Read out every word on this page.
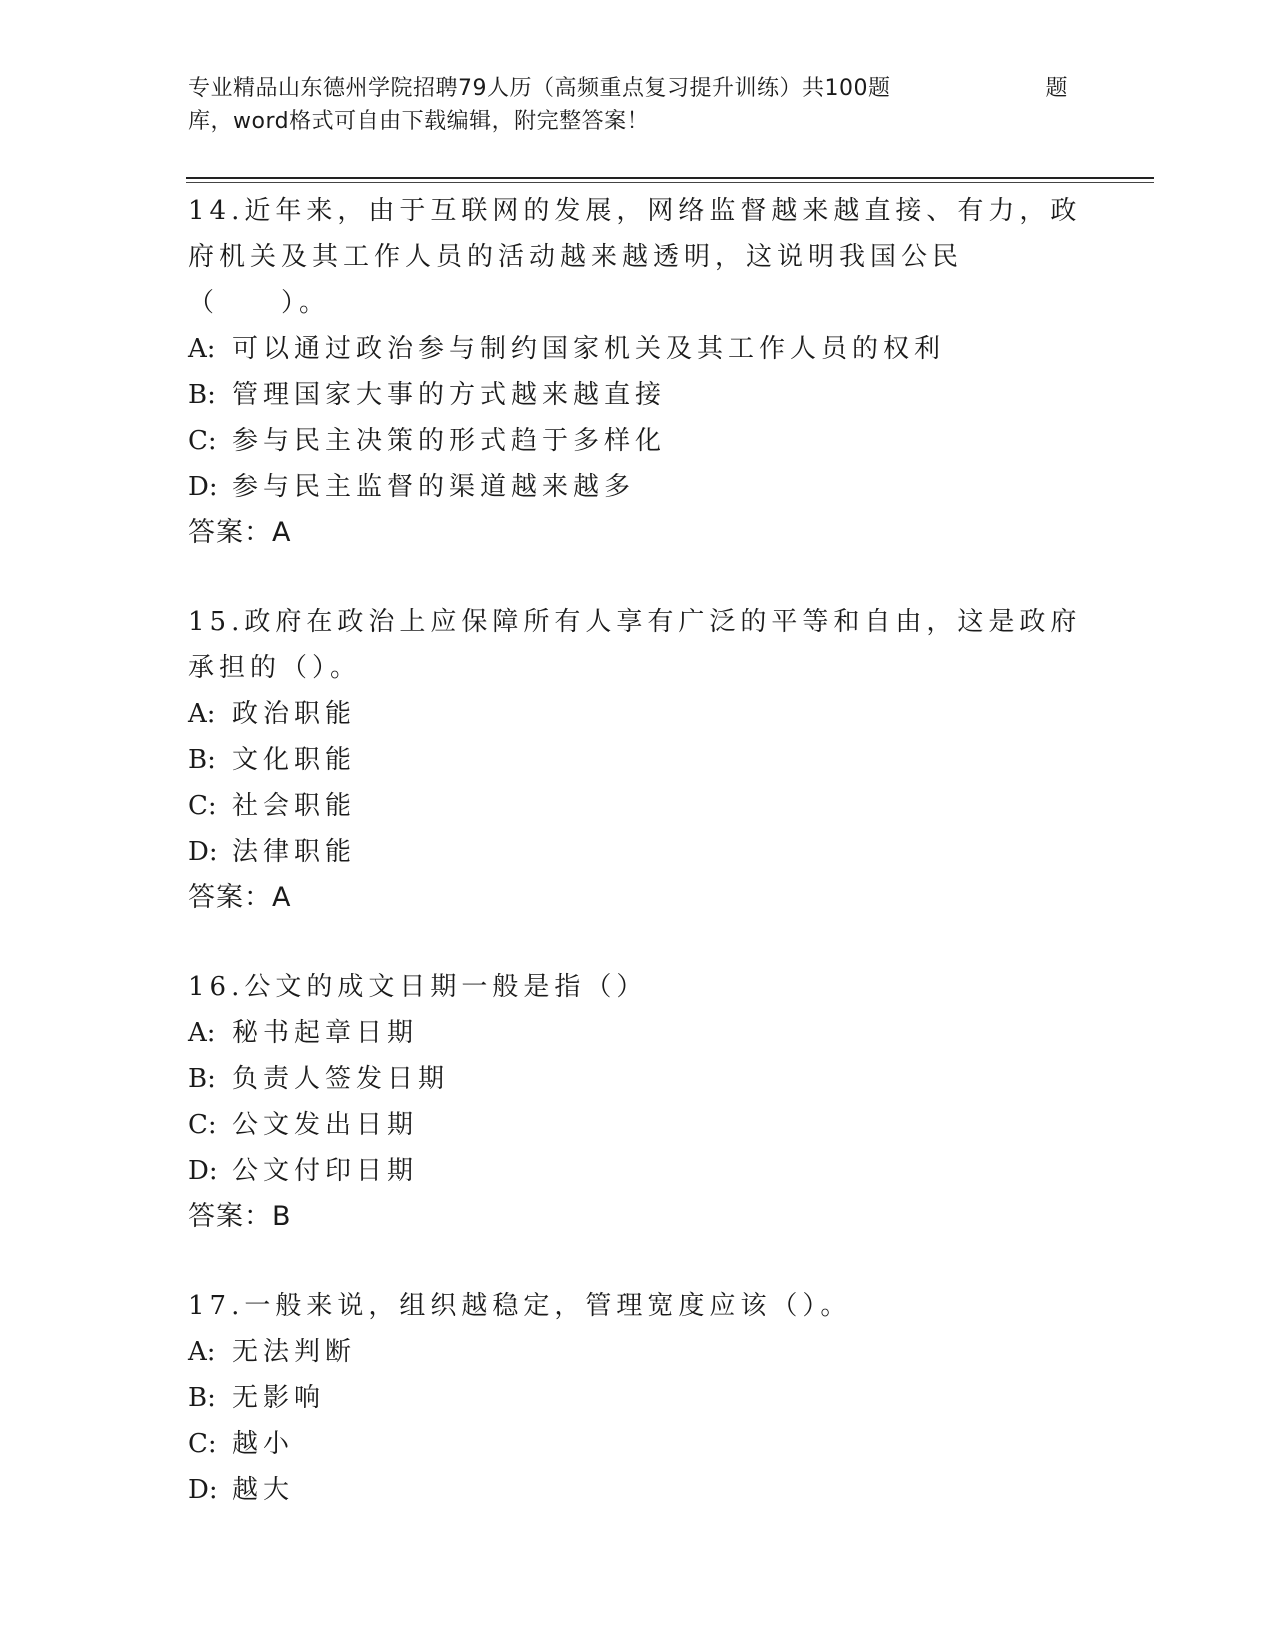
专业精品山东德州学院招聘79人历（高频重点复习提升训练）共100题	题
库，word格式可自由下载编辑，附完整答案！
14.近年来，由于互联网的发展，网络监督越来越直接、有力，政府机关及其工作人员的活动越来越透明，这说明我国公民（　　）。
A: 可以通过政治参与制约国家机关及其工作人员的权利
B: 管理国家大事的方式越来越直接
C: 参与民主决策的形式趋于多样化
D: 参与民主监督的渠道越来越多
答案：A
15.政府在政治上应保障所有人享有广泛的平等和自由，这是政府承担的（）。
A: 政治职能
B: 文化职能
C: 社会职能
D: 法律职能
答案：A
16.公文的成文日期一般是指（）
A: 秘书起章日期
B: 负责人签发日期
C: 公文发出日期
D: 公文付印日期
答案：B
17.一般来说，组织越稳定，管理宽度应该（）。
A: 无法判断
B: 无影响
C: 越小
D: 越大
